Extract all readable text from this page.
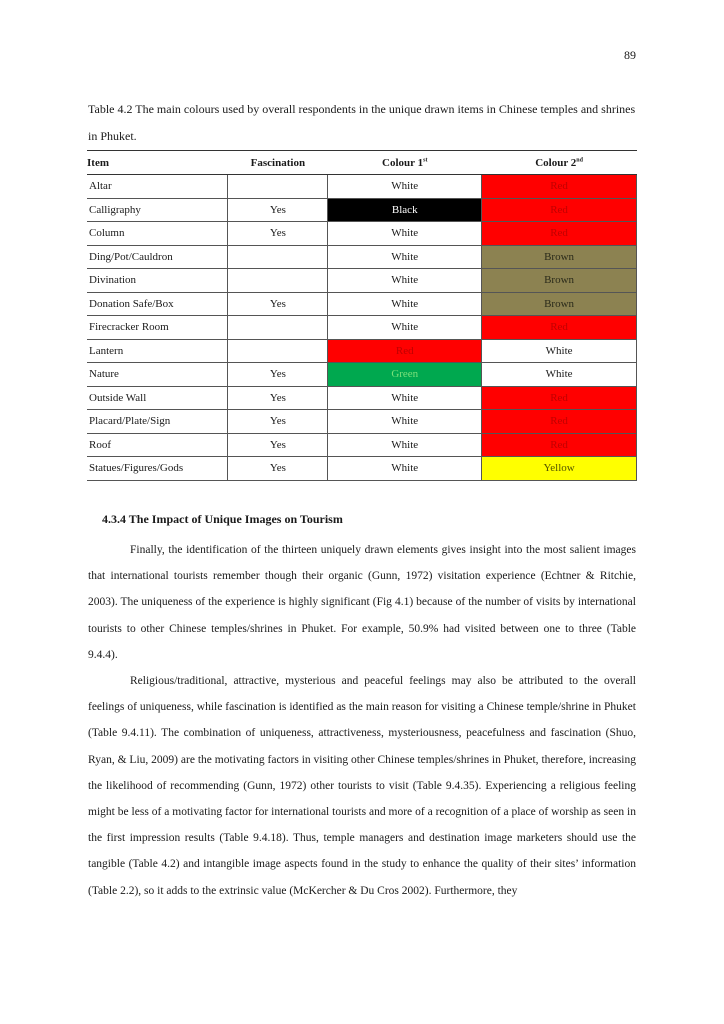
89
Table 4.2 The main colours used by overall respondents in the unique drawn items in Chinese temples and shrines in Phuket.
Item	Fascination	Colour 1st	Colour 2nd
Altar		White	Red
Calligraphy	Yes	Black	Red
Column	Yes	White	Red
Ding/Pot/Cauldron		White	Brown
Divination		White	Brown
Donation Safe/Box	Yes	White	Brown
Firecracker Room		White	Red
Lantern		Red	White
Nature	Yes	Green	White
Outside Wall	Yes	White	Red
Placard/Plate/Sign	Yes	White	Red
Roof	Yes	White	Red
Statues/Figures/Gods	Yes	White	Yellow
4.3.4 The Impact of Unique Images on Tourism

Finally, the identification of the thirteen uniquely drawn elements gives insight into the most salient images that international tourists remember though their organic (Gunn, 1972) visitation experience (Echtner & Ritchie, 2003). The uniqueness of the experience is highly significant (Fig 4.1) because of the number of visits by international tourists to other Chinese temples/shrines in Phuket. For example, 50.9% had visited between one to three (Table 9.4.4).

Religious/traditional, attractive, mysterious and peaceful feelings may also be attributed to the overall feelings of uniqueness, while fascination is identified as the main reason for visiting a Chinese temple/shrine in Phuket (Table 9.4.11). The combination of uniqueness, attractiveness, mysteriousness, peacefulness and fascination (Shuo, Ryan, & Liu, 2009) are the motivating factors in visiting other Chinese temples/shrines in Phuket, therefore, increasing the likelihood of recommending (Gunn, 1972) other tourists to visit (Table 9.4.35). Experiencing a religious feeling might be less of a motivating factor for international tourists and more of a recognition of a place of worship as seen in the first impression results (Table 9.4.18). Thus, temple managers and destination image marketers should use the tangible (Table 4.2) and intangible image aspects found in the study to enhance the quality of their sites’ information (Table 2.2), so it adds to the extrinsic value (McKercher & Du Cros 2002). Furthermore, they
